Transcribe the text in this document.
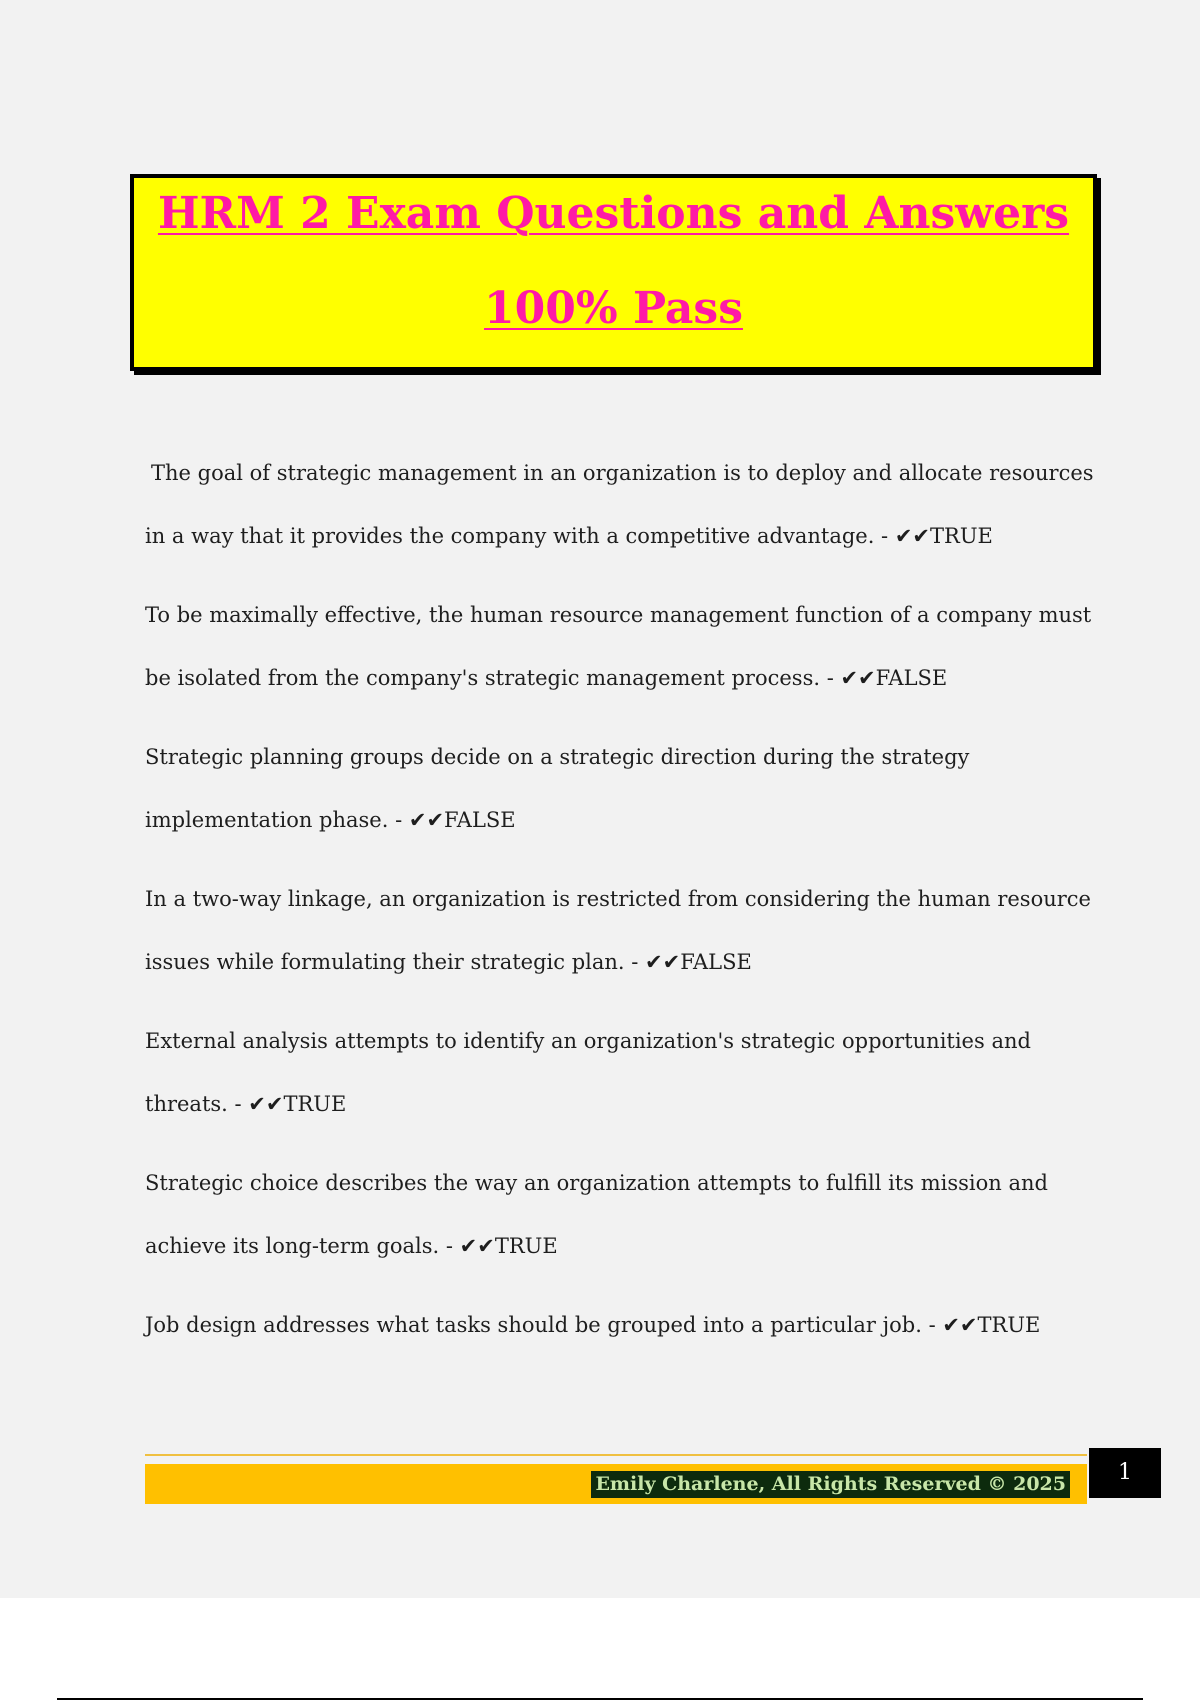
HRM 2 Exam Questions and Answers
100% Pass
The goal of strategic management in an organization is to deploy and allocate resources in a way that it provides the company with a competitive advantage. - ✔✔TRUE
To be maximally effective, the human resource management function of a company must be isolated from the company's strategic management process. - ✔✔FALSE
Strategic planning groups decide on a strategic direction during the strategy implementation phase. - ✔✔FALSE
In a two-way linkage, an organization is restricted from considering the human resource issues while formulating their strategic plan. - ✔✔FALSE
External analysis attempts to identify an organization's strategic opportunities and threats. - ✔✔TRUE
Strategic choice describes the way an organization attempts to fulfill its mission and achieve its long-term goals. - ✔✔TRUE
Job design addresses what tasks should be grouped into a particular job. - ✔✔TRUE
Emily Charlene, All Rights Reserved © 2025	1
